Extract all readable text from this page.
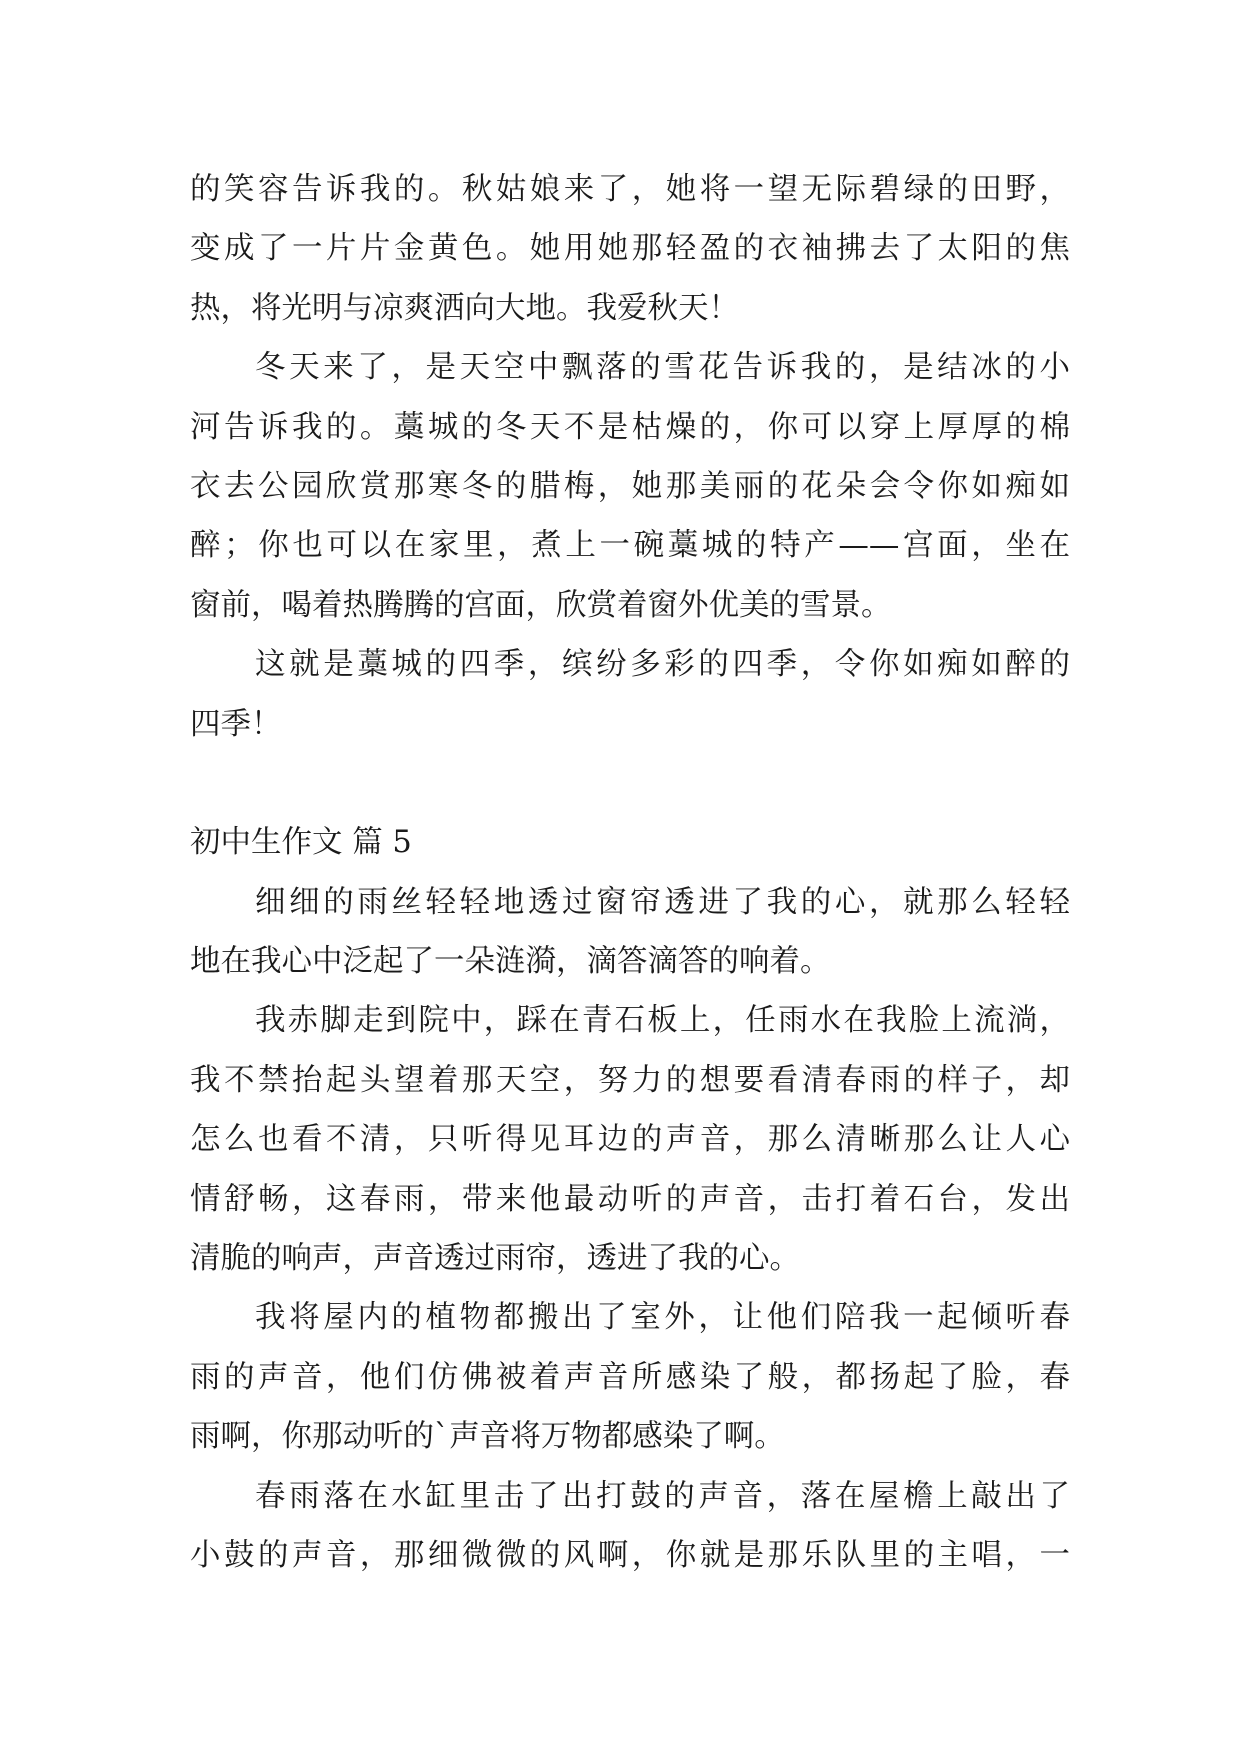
的笑容告诉我的。秋姑娘来了，她将一望无际碧绿的田野，
变成了一片片金黄色。她用她那轻盈的衣袖拂去了太阳的焦
热，将光明与凉爽洒向大地。我爱秋天！
冬天来了，是天空中飘落的雪花告诉我的，是结冰的小
河告诉我的。藁城的冬天不是枯燥的，你可以穿上厚厚的棉
衣去公园欣赏那寒冬的腊梅，她那美丽的花朵会令你如痴如
醉；你也可以在家里，煮上一碗藁城的特产——宫面，坐在
窗前，喝着热腾腾的宫面，欣赏着窗外优美的雪景。
这就是藁城的四季，缤纷多彩的四季，令你如痴如醉的
四季！
初中生作文 篇 5
细细的雨丝轻轻地透过窗帘透进了我的心，就那么轻轻
地在我心中泛起了一朵涟漪，滴答滴答的响着。
我赤脚走到院中，踩在青石板上，任雨水在我脸上流淌，
我不禁抬起头望着那天空，努力的想要看清春雨的样子，却
怎么也看不清，只听得见耳边的声音，那么清晰那么让人心
情舒畅，这春雨，带来他最动听的声音，击打着石台，发出
清脆的响声，声音透过雨帘，透进了我的心。
我将屋内的植物都搬出了室外，让他们陪我一起倾听春
雨的声音，他们仿佛被着声音所感染了般，都扬起了脸，春
雨啊，你那动听的`声音将万物都感染了啊。
春雨落在水缸里击了出打鼓的声音，落在屋檐上敲出了
小鼓的声音，那细微微的风啊，你就是那乐队里的主唱，一
